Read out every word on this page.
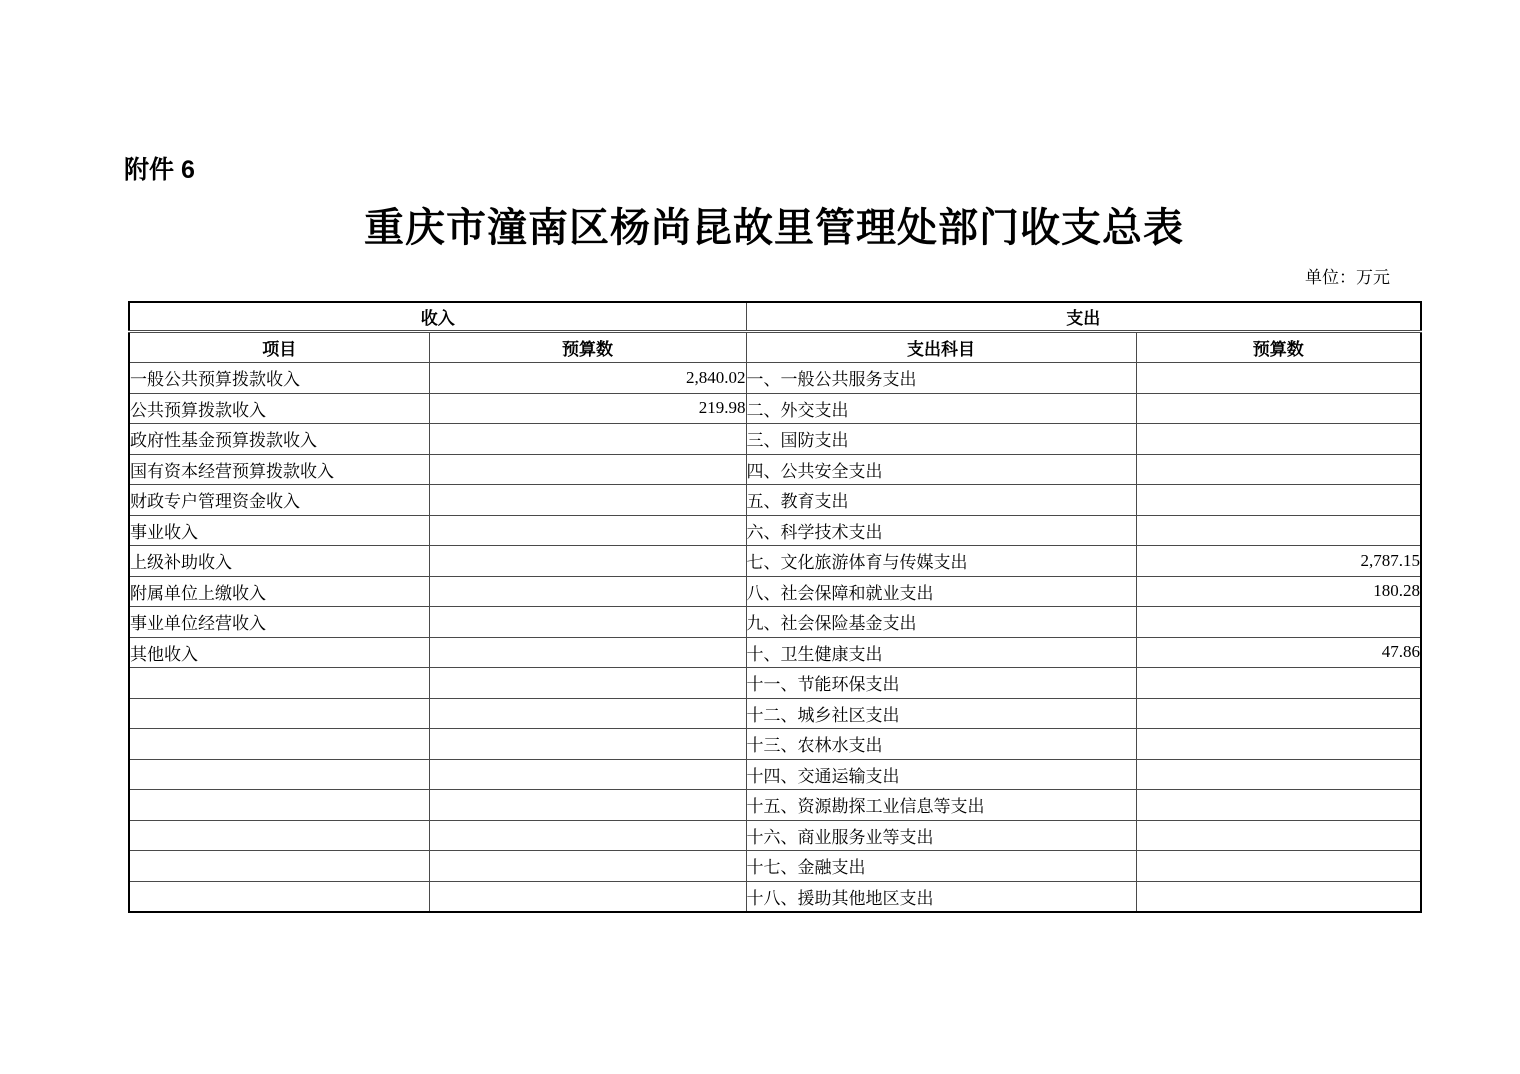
附件 6
重庆市潼南区杨尚昆故里管理处部门收支总表
单位：万元
收入		支出	
项目	预算数	支出科目	预算数
一般公共预算拨款收入	2,840.02	一、一般公共服务支出	
公共预算拨款收入	219.98	二、外交支出	
政府性基金预算拨款收入		三、国防支出	
国有资本经营预算拨款收入		四、公共安全支出	
财政专户管理资金收入		五、教育支出	
事业收入		六、科学技术支出	
上级补助收入		七、文化旅游体育与传媒支出	2,787.15
附属单位上缴收入		八、社会保障和就业支出	180.28
事业单位经营收入		九、社会保险基金支出	
其他收入		十、卫生健康支出	47.86
		十一、节能环保支出	
		十二、城乡社区支出	
		十三、农林水支出	
		十四、交通运输支出	
		十五、资源勘探工业信息等支出	
		十六、商业服务业等支出	
		十七、金融支出	
		十八、援助其他地区支出	
